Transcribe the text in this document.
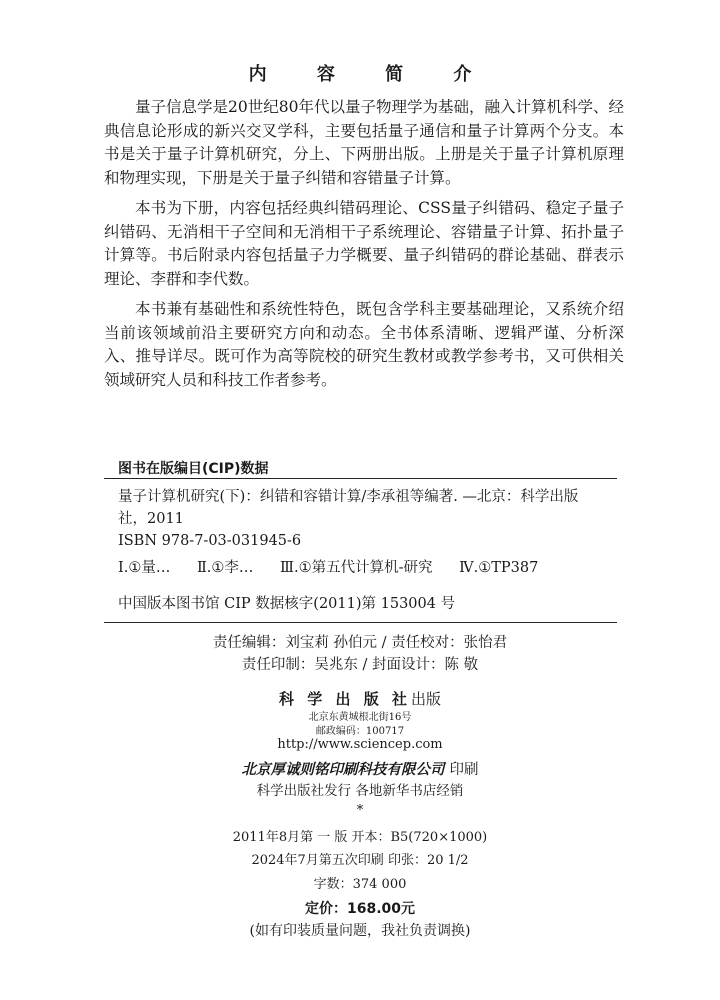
内 容 简 介

量子信息学是20世纪80年代以量子物理学为基础，融入计算机科学、经典信息论形成的新兴交叉学科，主要包括量子通信和量子计算两个分支。本书是关于量子计算机研究，分上、下两册出版。上册是关于量子计算机原理和物理实现，下册是关于量子纠错和容错量子计算。

本书为下册，内容包括经典纠错码理论、CSS量子纠错码、稳定子量子纠错码、无消相干子空间和无消相干子系统理论、容错量子计算、拓扑量子计算等。书后附录内容包括量子力学概要、量子纠错码的群论基础、群表示理论、李群和李代数。

本书兼有基础性和系统性特色，既包含学科主要基础理论，又系统介绍当前该领域前沿主要研究方向和动态。全书体系清晰、逻辑严谨、分析深入、推导详尽。既可作为高等院校的研究生教材或教学参考书，又可供相关领域研究人员和科技工作者参考。

图书在版编目(CIP)数据
量子计算机研究(下)：纠错和容错计算/李承祖等编著. —北京：科学出版
社，2011
ISBN 978-7-03-031945-6
Ⅰ.①量… Ⅱ.①李… Ⅲ.①第五代计算机-研究 Ⅳ.①TP387
中国版本图书馆 CIP 数据核字(2011)第 153004 号
责任编辑：刘宝莉 孙伯元 / 责任校对：张怡君
责任印制：吴兆东 / 封面设计：陈 敬
科 学 出 版 社出版
北京东黄城根北街16号
邮政编码：100717
http://www.sciencep.com
北京厚诚则铭印刷科技有限公司 印刷
科学出版社发行 各地新华书店经销
*
2011年8月第 一 版 开本：B5(720×1000)
2024年7月第五次印刷 印张：20 1/2
字数：374 000
定价：168.00元
(如有印装质量问题，我社负责调换)
